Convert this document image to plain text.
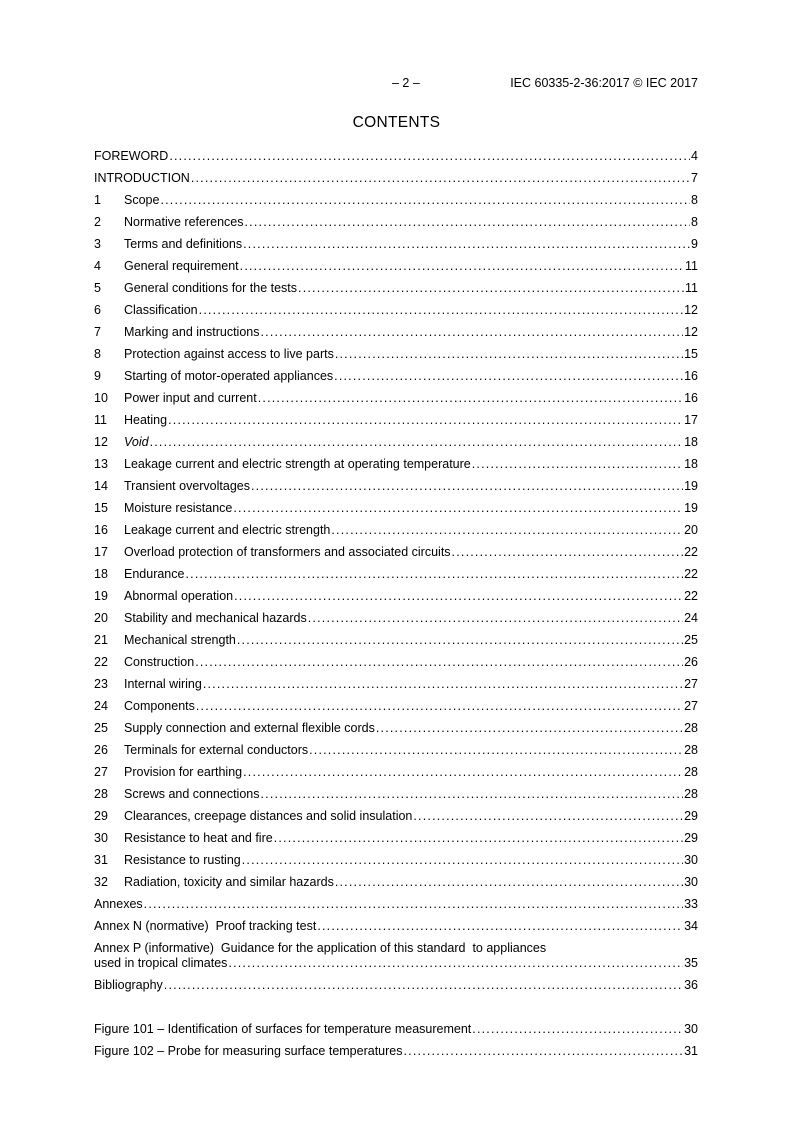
– 2 –	IEC 60335-2-36:2017 © IEC 2017
CONTENTS
FOREWORD .....	4
INTRODUCTION .....	7
1	Scope .....	8
2	Normative references .....	8
3	Terms and definitions .....	9
4	General requirement .....	11
5	General conditions for the tests .....	11
6	Classification .....	12
7	Marking and instructions .....	12
8	Protection against access to live parts .....	15
9	Starting of motor-operated appliances .....	16
10	Power input and current .....	16
11	Heating .....	17
12	Void .....	18
13	Leakage current and electric strength at operating temperature .....	18
14	Transient overvoltages .....	19
15	Moisture resistance .....	19
16	Leakage current and electric strength .....	20
17	Overload protection of transformers and associated circuits .....	22
18	Endurance .....	22
19	Abnormal operation .....	22
20	Stability and mechanical hazards .....	24
21	Mechanical strength .....	25
22	Construction .....	26
23	Internal wiring .....	27
24	Components .....	27
25	Supply connection and external flexible cords .....	28
26	Terminals for external conductors .....	28
27	Provision for earthing .....	28
28	Screws and connections .....	28
29	Clearances, creepage distances and solid insulation .....	29
30	Resistance to heat and fire .....	29
31	Resistance to rusting .....	30
32	Radiation, toxicity and similar hazards .....	30
Annexes .....	33
Annex N (normative)  Proof tracking test .....	34
Annex P (informative)  Guidance for the application of this standard  to appliances
used in tropical climates .....	35
Bibliography .....	36
Figure 101 – Identification of surfaces for temperature measurement .....	30
Figure 102 – Probe for measuring surface temperatures .....	31
